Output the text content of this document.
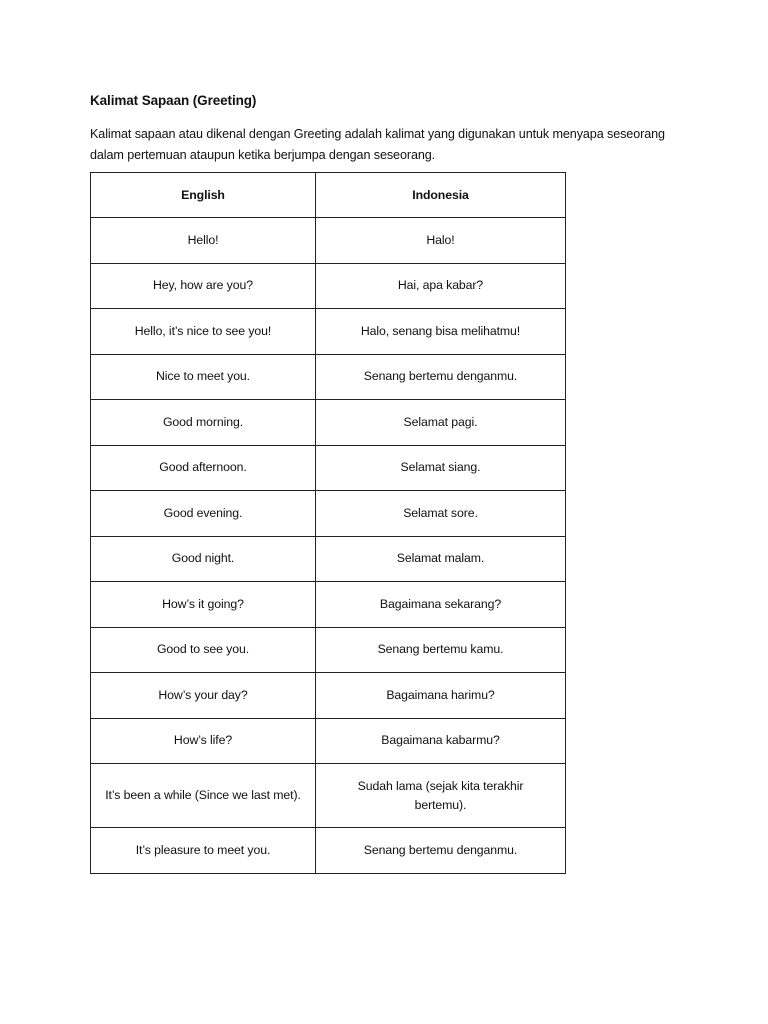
Kalimat Sapaan (Greeting)
Kalimat sapaan atau dikenal dengan Greeting adalah kalimat yang digunakan untuk menyapa seseorang dalam pertemuan ataupun ketika berjumpa dengan seseorang.
English	Indonesia
Hello!	Halo!
Hey, how are you?	Hai, apa kabar?
Hello, it’s nice to see you!	Halo, senang bisa melihatmu!
Nice to meet you.	Senang bertemu denganmu.
Good morning.	Selamat pagi.
Good afternoon.	Selamat siang.
Good evening.	Selamat sore.
Good night.	Selamat malam.
How’s it going?	Bagaimana sekarang?
Good to see you.	Senang bertemu kamu.
How’s your day?	Bagaimana harimu?
How’s life?	Bagaimana kabarmu?
It’s been a while (Since we last met).	Sudah lama (sejak kita terakhir bertemu).
It’s pleasure to meet you.	Senang bertemu denganmu.
